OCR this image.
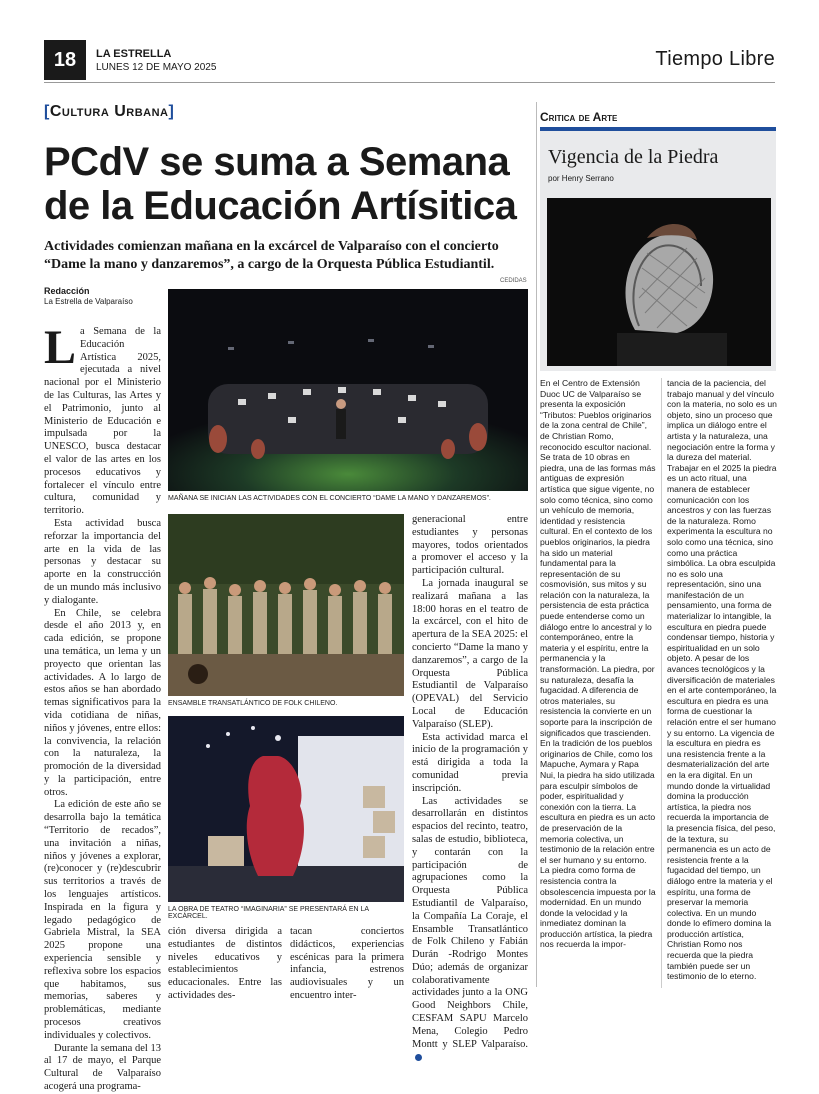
18	LA ESTRELLA
LUNES 12 DE MAYO 2025	Tiempo Libre
[Cultura Urbana]
PCdV se suma a Semana de la Educación Artísitica
Actividades comienzan mañana en la excárcel de Valparaíso con el concierto “Dame la mano y danzaremos”, a cargo de la Orquesta Pública Estudiantil.
CEDIDAS
Redacción
La Estrella de Valparaíso
MAÑANA SE INICIAN LAS ACTIVIDADES CON EL CONCIERTO “DAME LA MANO Y DANZAREMOS”.
ENSAMBLE TRANSATLÁNTICO DE FOLK CHILENO.
LA OBRA DE TEATRO “IMAGINARIA” SE PRESENTARÁ EN LA EXCÁRCEL.

La Semana de la Educación Artística 2025, ejecutada a nivel nacional por el Ministerio de las Culturas, las Artes y el Patrimonio, junto al Ministerio de Educación e impulsada por la UNESCO, busca destacar el valor de las artes en los procesos educativos y fortalecer el vínculo entre cultura, comunidad y territorio.

Esta actividad busca reforzar la importancia del arte en la vida de las personas y destacar su aporte en la construcción de un mundo más inclusivo y dialogante.

En Chile, se celebra desde el año 2013 y, en cada edición, se propone una temática, un lema y un proyecto que orientan las actividades. A lo largo de estos años se han abordado temas significativos para la vida cotidiana de niñas, niños y jóvenes, entre ellos: la convivencia, la relación con la naturaleza, la promoción de la diversidad y la participación, entre otros.

La edición de este año se desarrolla bajo la temática “Territorio de recados”, una invitación a niñas, niños y jóvenes a explorar, (re)conocer y (re)descubrir sus territorios a través de los lenguajes artísticos. Inspirada en la figura y legado pedagógico de Gabriela Mistral, la SEA 2025 propone una experiencia sensible y reflexiva sobre los espacios que habitamos, sus memorias, saberes y problemáticas, mediante procesos creativos individuales y colectivos.

Durante la semana del 13 al 17 de mayo, el Parque Cultural de Valparaíso acogerá una programa-

ción diversa dirigida a estudiantes de distintos niveles educativos y establecimientos educacionales. Entre las actividades des-

tacan conciertos didácticos, experiencias escénicas para la primera infancia, estrenos audiovisuales y un encuentro inter-

generacional entre estudiantes y personas mayores, todos orientados a promover el acceso y la participación cultural.

La jornada inaugural se realizará mañana a las 18:00 horas en el teatro de la excárcel, con el hito de apertura de la SEA 2025: el concierto “Dame la mano y danzaremos”, a cargo de la Orquesta Pública Estudiantil de Valparaíso (OPEVAL) del Servicio Local de Educación Valparaíso (SLEP).

Esta actividad marca el inicio de la programación y está dirigida a toda la comunidad previa inscripción.

Las actividades se desarrollarán en distintos espacios del recinto, teatro, salas de estudio, biblioteca, y contarán con la participación de agrupaciones como la Orquesta Pública Estudiantil de Valparaíso, la Compañía La Coraje, el Ensamble Transatlántico de Folk Chileno y Fabián Durán -Rodrigo Montes Dúo; además de organizar colaborativamente actividades junto a la ONG Good Neighbors Chile, CESFAM SAPU Marcelo Mena, Colegio Pedro Montt y SLEP Valparaíso.

Critica de Arte
Vigencia de la Piedra
por Henry Serrano

En el Centro de Extensión Duoc UC de Valparaíso se presenta la exposición “Tributos: Pueblos originarios de la zona central de Chile”, de Christian Romo, reconocido escultor nacional. Se trata de 10 obras en piedra, una de las formas más antiguas de expresión artística que sigue vigente, no solo como técnica, sino como un vehículo de memoria, identidad y resistencia cultural. En el contexto de los pueblos originarios, la piedra ha sido un material fundamental para la representación de su cosmovisión, sus mitos y su relación con la naturaleza, la persistencia de esta práctica puede entenderse como un diálogo entre lo ancestral y lo contemporáneo, entre la materia y el espíritu, entre la permanencia y la transformación. La piedra, por su naturaleza, desafía la fugacidad. A diferencia de otros materiales, su resistencia la convierte en un soporte para la inscripción de significados que trascienden. En la tradición de los pueblos originarios de Chile, como los Mapuche, Aymara y Rapa Nui, la piedra ha sido utilizada para esculpir símbolos de poder, espiritualidad y conexión con la tierra. La escultura en piedra es un acto de preservación de la memoria colectiva, un testimonio de la relación entre el ser humano y su entorno. La piedra como forma de resistencia contra la obsolescencia impuesta por la modernidad. En un mundo donde la velocidad y la inmediatez dominan la producción artística, la piedra nos recuerda la impor-

tancia de la paciencia, del trabajo manual y del vínculo con la materia, no solo es un objeto, sino un proceso que implica un diálogo entre el artista y la naturaleza, una negociación entre la forma y la dureza del material. Trabajar en el 2025 la piedra es un acto ritual, una manera de establecer comunicación con los ancestros y con las fuerzas de la naturaleza. Romo experimenta la escultura no solo como una técnica, sino como una práctica simbólica. La obra esculpida no es solo una representación, sino una manifestación de un pensamiento, una forma de materializar lo intangible, la escultura en piedra puede condensar tiempo, historia y espiritualidad en un solo objeto. A pesar de los avances tecnológicos y la diversificación de materiales en el arte contemporáneo, la escultura en piedra es una forma de cuestionar la relación entre el ser humano y su entorno. La vigencia de la escultura en piedra es una resistencia frente a la desmaterialización del arte en la era digital. En un mundo donde la virtualidad domina la producción artística, la piedra nos recuerda la importancia de la presencia física, del peso, de la textura, su permanencia es un acto de resistencia frente a la fugacidad del tiempo, un diálogo entre la materia y el espíritu, una forma de preservar la memoria colectiva. En un mundo donde lo efímero domina la producción artística, Christian Romo nos recuerda que la piedra también puede ser un testimonio de lo eterno.
